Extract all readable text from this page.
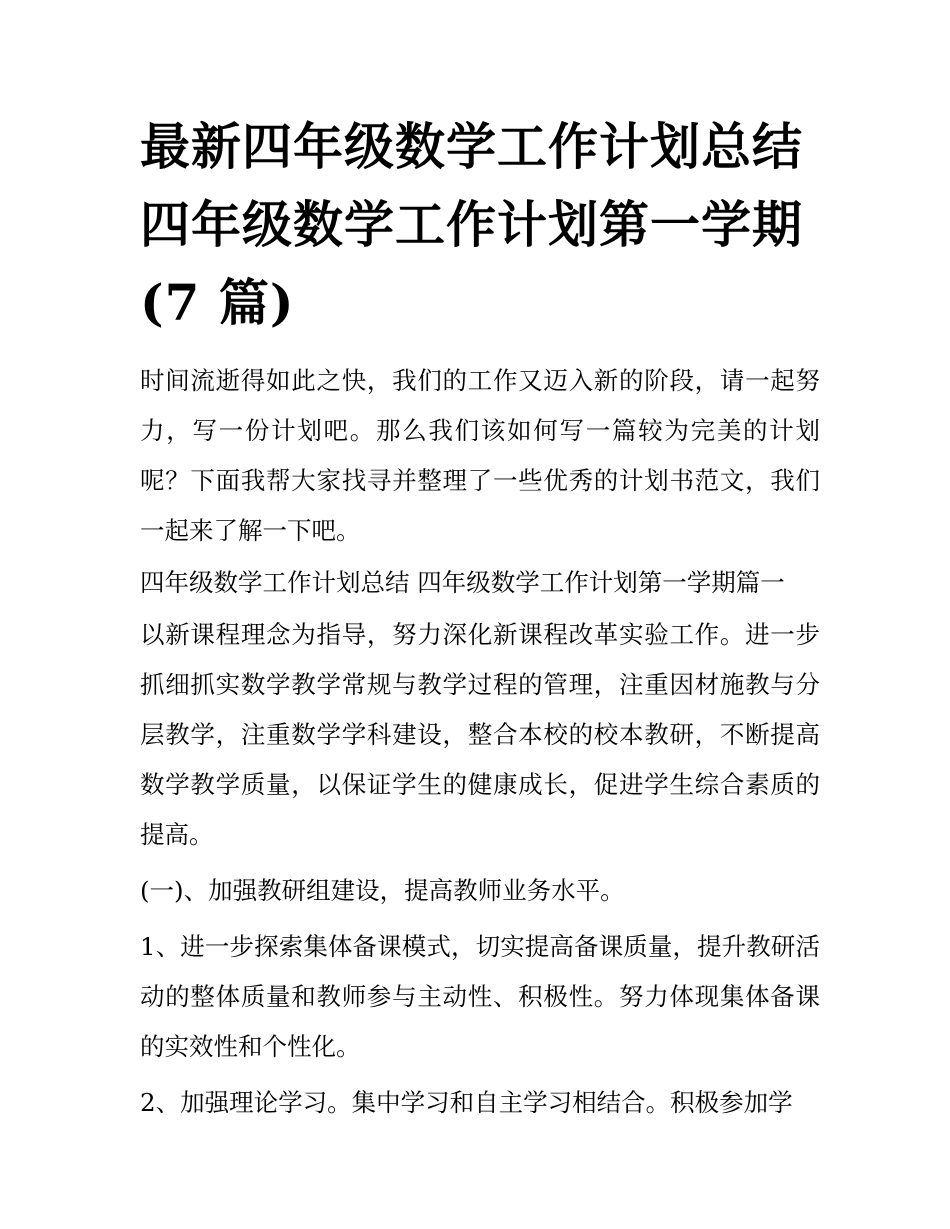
最新四年级数学工作计划总结
四年级数学工作计划第一学期
(7 篇)

时间流逝得如此之快，我们的工作又迈入新的阶段，请一起努力，写一份计划吧。那么我们该如何写一篇较为完美的计划呢？下面我帮大家找寻并整理了一些优秀的计划书范文，我们一起来了解一下吧。

四年级数学工作计划总结 四年级数学工作计划第一学期篇一

以新课程理念为指导，努力深化新课程改革实验工作。进一步抓细抓实数学教学常规与教学过程的管理，注重因材施教与分层教学，注重数学学科建设，整合本校的校本教研，不断提高数学教学质量，以保证学生的健康成长，促进学生综合素质的提高。

(一)、加强教研组建设，提高教师业务水平。

1、进一步探索集体备课模式，切实提高备课质量，提升教研活动的整体质量和教师参与主动性、积极性。努力体现集体备课的实效性和个性化。

2、加强理论学习。集中学习和自主学习相结合。积极参加学
